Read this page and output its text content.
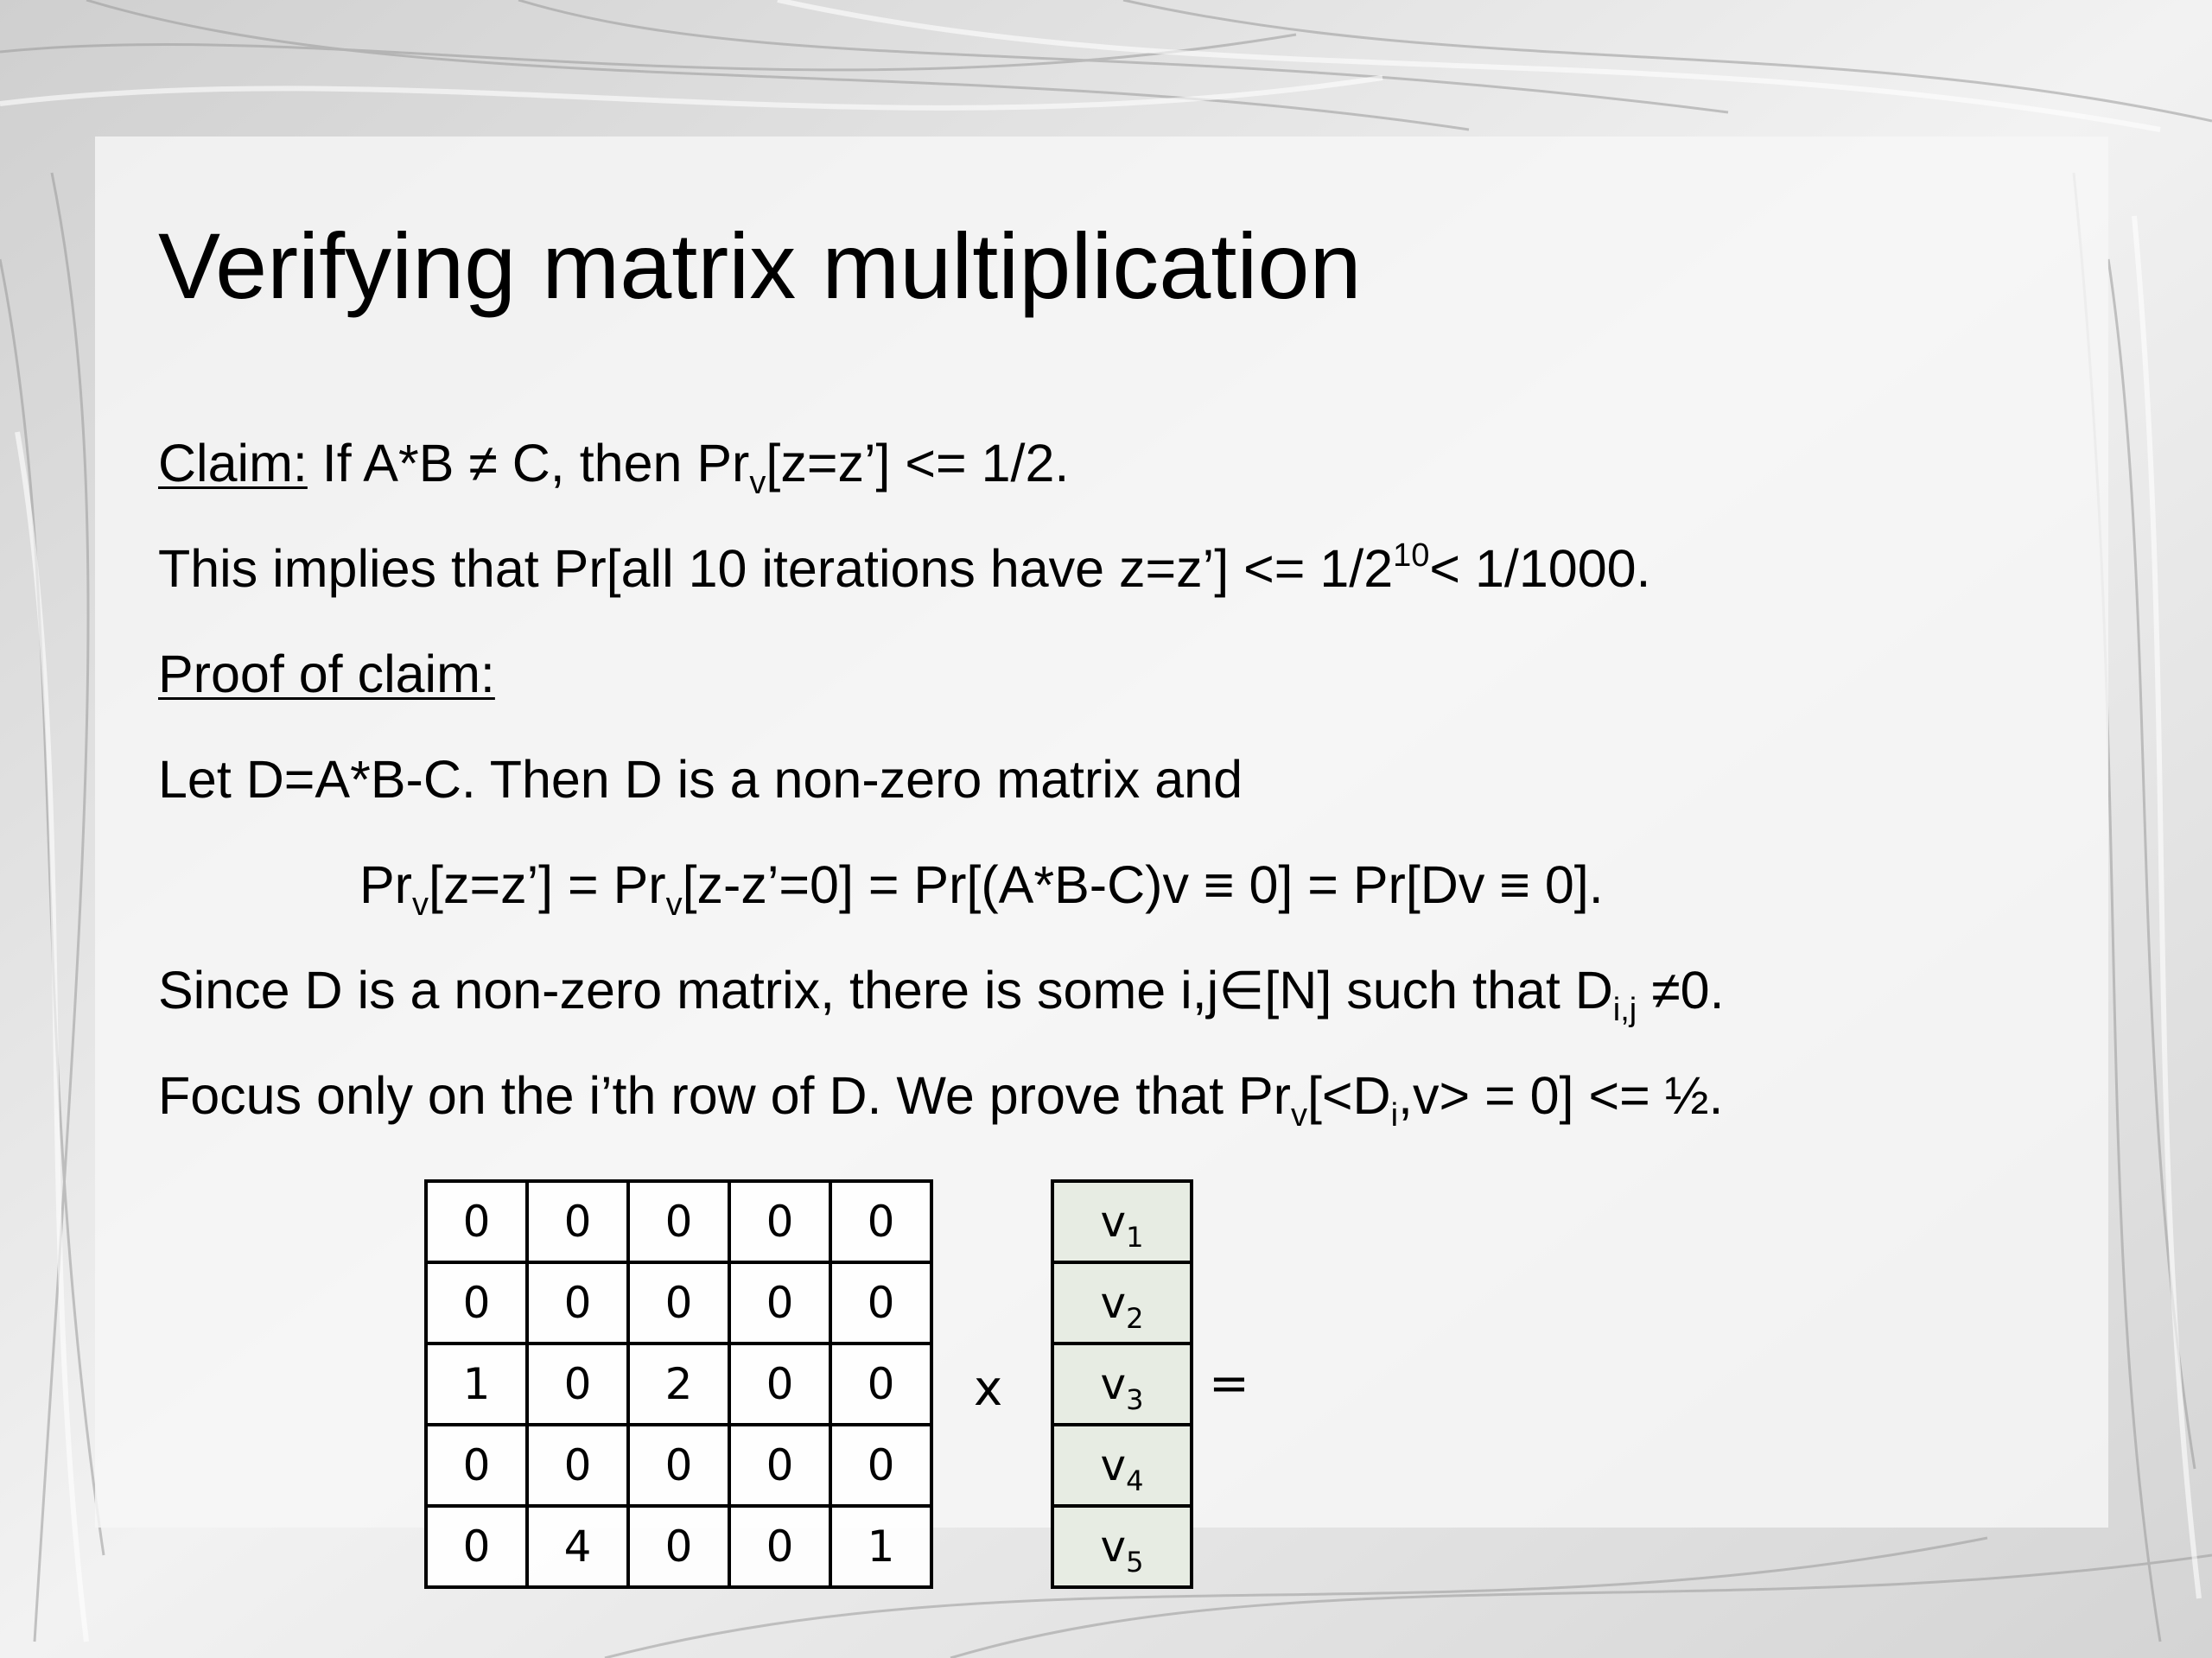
Verifying matrix multiplication
Claim: If A*B ≠ C, then $Pr_v[z=z’] <= 1/2$.
This implies that Pr[all 10 iterations have z=z’] <= $1/2^{10}< 1/1000$.
Proof of claim:
Let D=A*B-C. Then D is a non-zero matrix and
$Pr_v[z=z’]$ = $Pr_v[z-z’=0] = Pr[(A*B-C)v \equiv 0] = Pr[Dv \equiv 0]$.
Since D is a non-zero matrix, there is some i,j∈[N] such that $D_{i,j} \ne 0$.
Focus only on the i’th row of D. We prove that $Pr_v[<D_i,v> = 0]$ <= ½.
0	0	0	0	0
0	0	0	0	0
1	0	2	0	0
0	0	0	0	0
0	4	0	0	1
x
$v_1$
$v_2$
$v_3$
$v_4$
$v_5$
=
